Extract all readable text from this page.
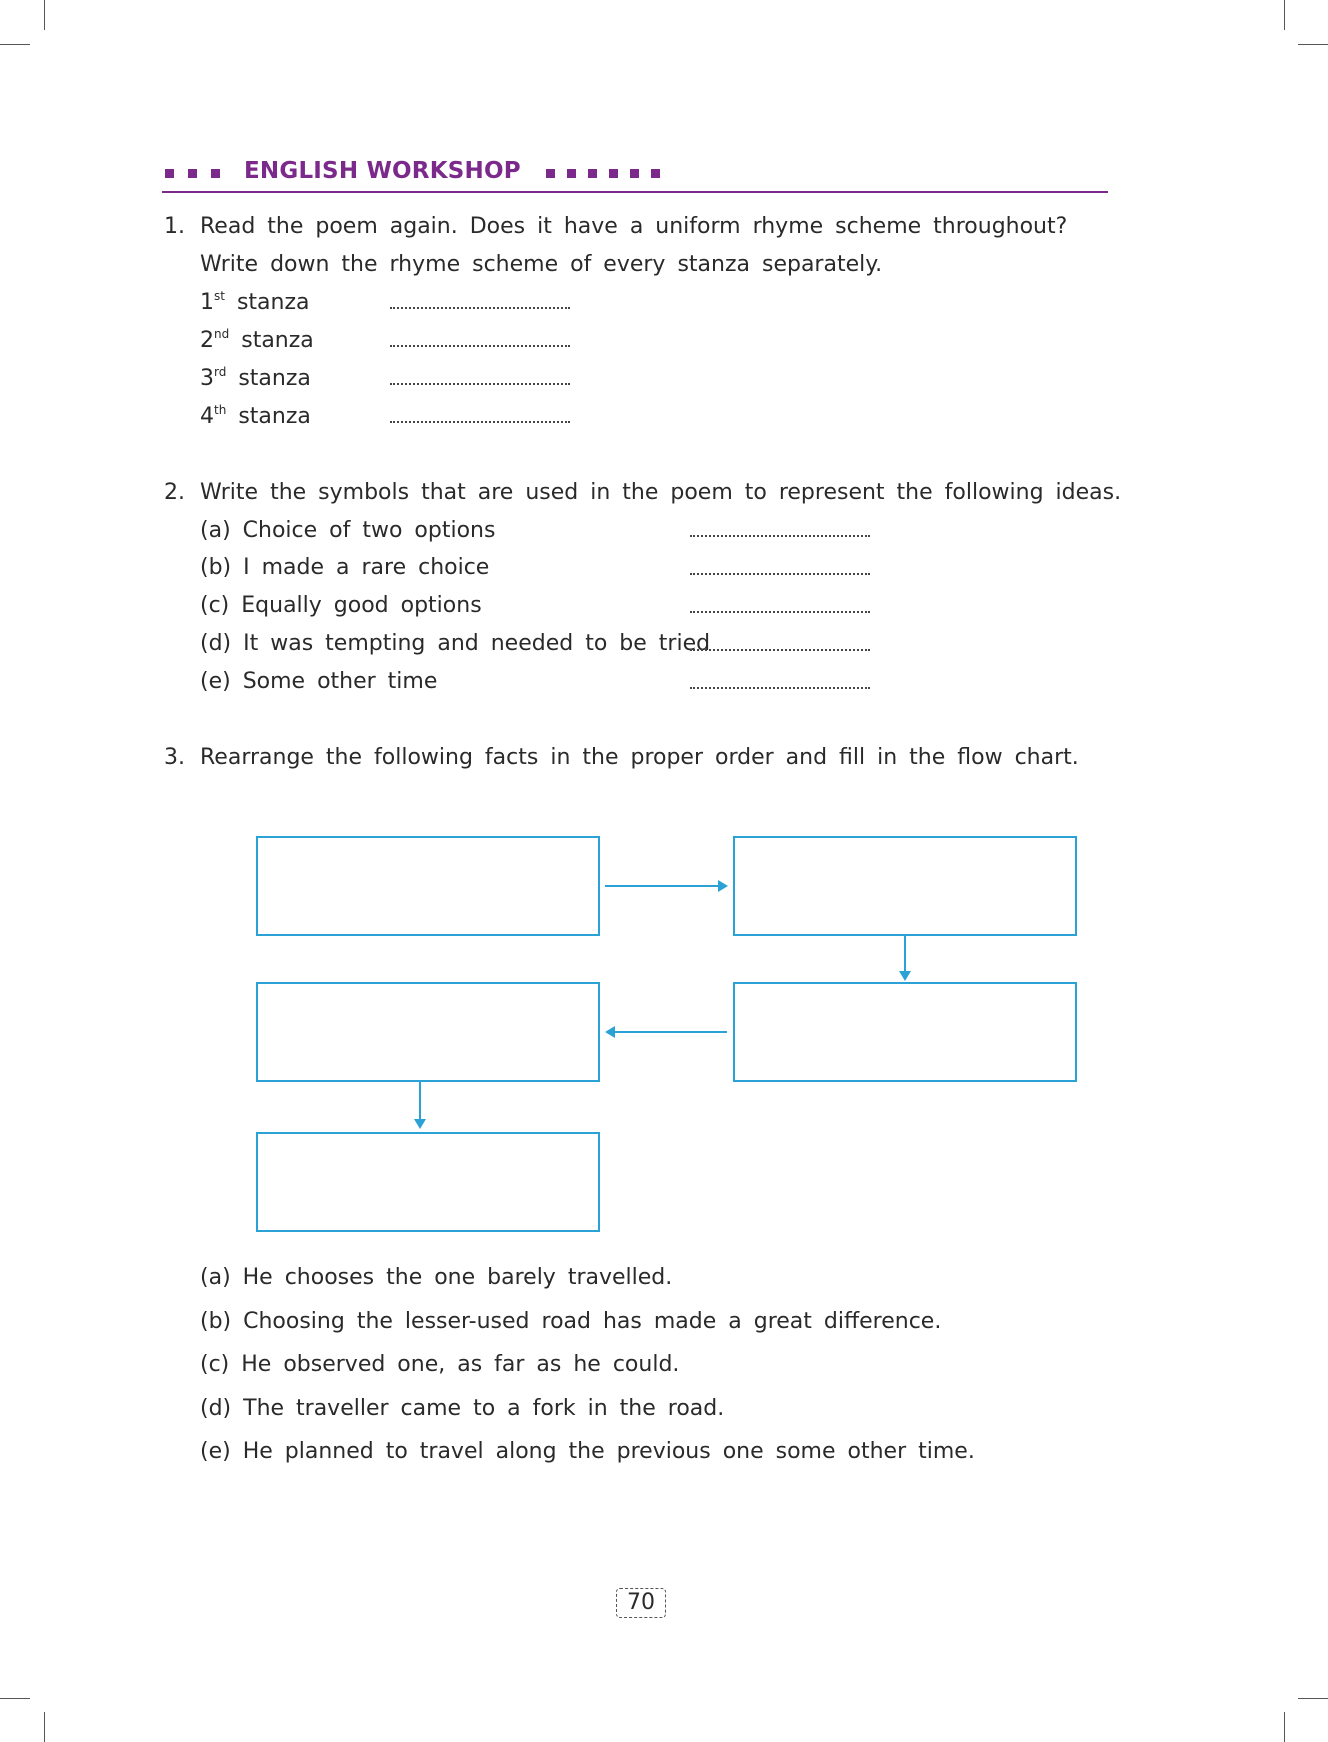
ENGLISH WORKSHOP
1. Read the poem again. Does it have a uniform rhyme scheme throughout?
Write down the rhyme scheme of every stanza separately.
1st stanza
2nd stanza
3rd stanza
4th stanza
2. Write the symbols that are used in the poem to represent the following ideas.
(a) Choice of two options
(b) I made a rare choice
(c) Equally good options
(d) It was tempting and needed to be tried
(e) Some other time
3. Rearrange the following facts in the proper order and fill in the flow chart.
(a) He chooses the one barely travelled.
(b) Choosing the lesser-used road has made a great difference.
(c) He observed one, as far as he could.
(d) The traveller came to a fork in the road.
(e) He planned to travel along the previous one some other time.
70
